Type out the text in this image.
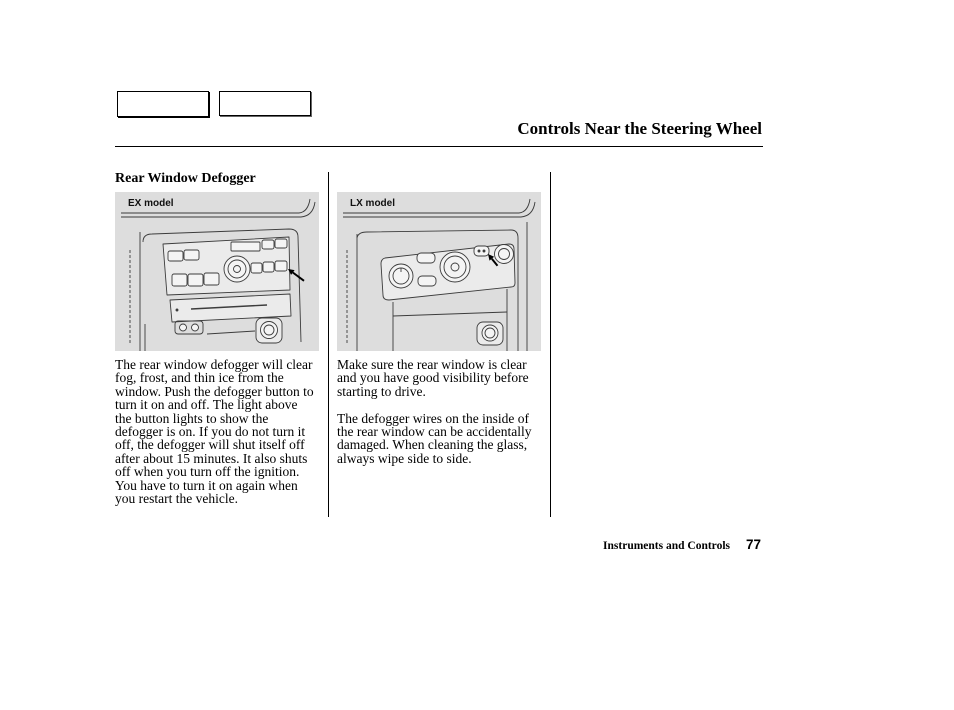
Controls Near the Steering Wheel
Rear Window Defogger
EX model	LX model
The rear window defogger will clear
fog, frost, and thin ice from the
window. Push the defogger button to
turn it on and off. The light above
the button lights to show the
defogger is on. If you do not turn it
off, the defogger will shut itself off
after about 15 minutes. It also shuts
off when you turn off the ignition.
You have to turn it on again when
you restart the vehicle.
Make sure the rear window is clear
and you have good visibility before
starting to drive.
The defogger wires on the inside of
the rear window can be accidentally
damaged. When cleaning the glass,
always wipe side to side.
Instruments and Controls 77
